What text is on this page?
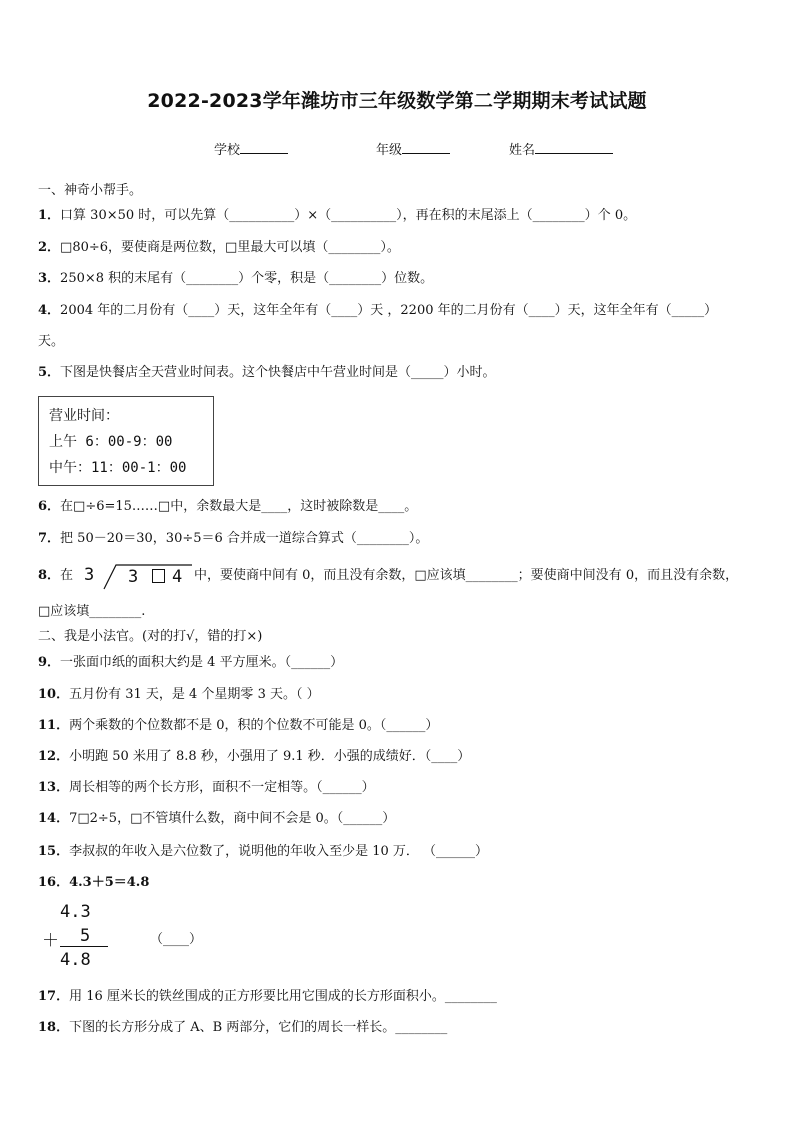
2022-2023学年潍坊市三年级数学第二学期期末考试试题
学校	年级	姓名
一、神奇小帮手。
1．口算 30×50 时，可以先算（__________）×（__________），再在积的末尾添上（________）个 0。
2．□80÷6，要使商是两位数，□里最大可以填（________）。
3．250×8 积的末尾有（________）个零，积是（________）位数。
4．2004 年的二月份有（____）天，这年全年有（____）天 ，2200 年的二月份有（____）天，这年全年有（_____）
天。
5．下图是快餐店全天营业时间表。这个快餐店中午营业时间是（_____）小时。
营业时间：
上午 6：00-9：00
中午：11：00-1：00
6．在□÷6=15……□中，余数最大是____，这时被除数是____。
7．把 50－20＝30，30÷5＝6 合并成一道综合算式（________）。
8．在 3 3 4 中，要使商中间有 0，而且没有余数，□应该填________；要使商中间没有 0，而且没有余数，
□应该填________.
二、我是小法官。(对的打√，错的打×)
9．一张面巾纸的面积大约是 4 平方厘米。（______）
10．五月份有 31 天，是 4 个星期零 3 天。（ ）
11．两个乘数的个位数都不是 0，积的个位数不可能是 0。（______）
12．小明跑 50 米用了 8.8 秒，小强用了 9.1 秒．小强的成绩好．（____）
13．周长相等的两个长方形，面积不一定相等。（______）
14．7□2÷5，□不管填什么数，商中间不会是 0。（______）
15．李叔叔的年收入是六位数了，说明他的年收入至少是 10 万． （______）
16．4.3＋5＝4.8
4.3
＋ 5
4.8
（____）
17．用 16 厘米长的铁丝围成的正方形要比用它围成的长方形面积小。________
18．下图的长方形分成了 A、B 两部分，它们的周长一样长。________
